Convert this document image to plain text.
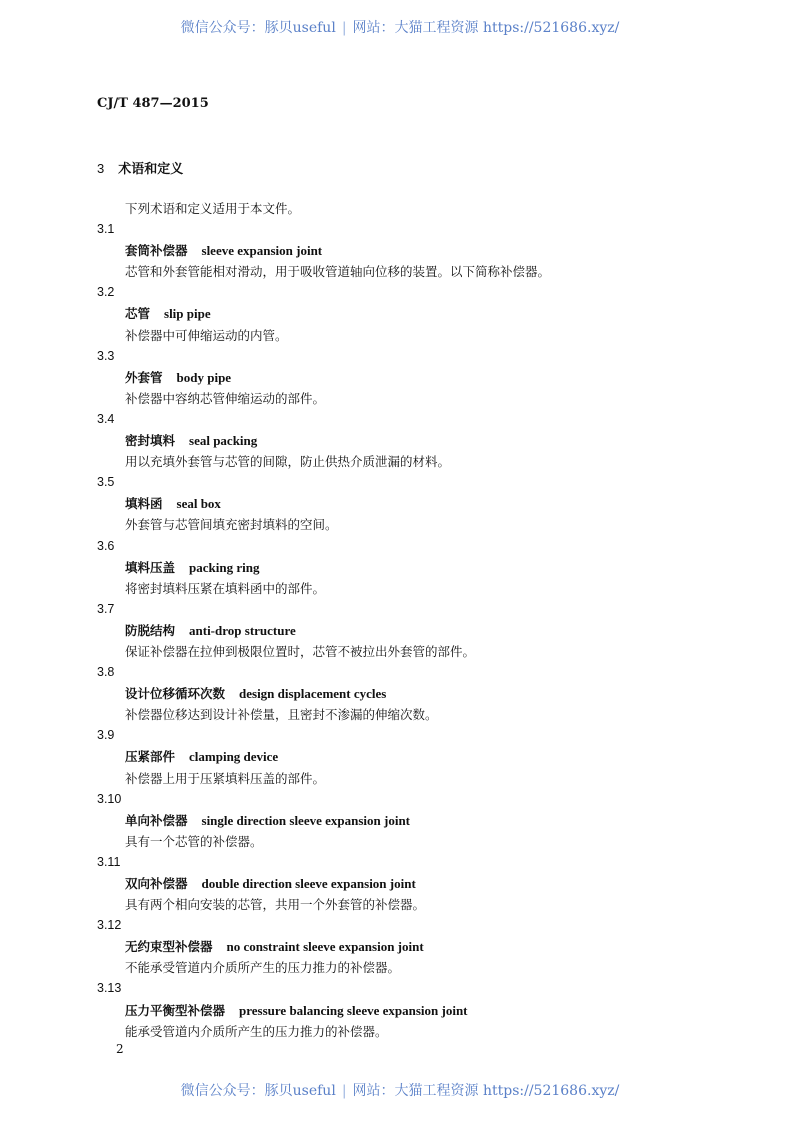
微信公众号：豚贝useful | 网站：大猫工程资源 https://521686.xyz/
CJ/T 487—2015
3 术语和定义
下列术语和定义适用于本文件。
3.1
套筒补偿器 sleeve expansion joint
芯管和外套管能相对滑动，用于吸收管道轴向位移的装置。以下简称补偿器。
3.2
芯管 slip pipe
补偿器中可伸缩运动的内管。
3.3
外套管 body pipe
补偿器中容纳芯管伸缩运动的部件。
3.4
密封填料 seal packing
用以充填外套管与芯管的间隙，防止供热介质泄漏的材料。
3.5
填料函 seal box
外套管与芯管间填充密封填料的空间。
3.6
填料压盖 packing ring
将密封填料压紧在填料函中的部件。
3.7
防脱结构 anti-drop structure
保证补偿器在拉伸到极限位置时，芯管不被拉出外套管的部件。
3.8
设计位移循环次数 design displacement cycles
补偿器位移达到设计补偿量，且密封不渗漏的伸缩次数。
3.9
压紧部件 clamping device
补偿器上用于压紧填料压盖的部件。
3.10
单向补偿器 single direction sleeve expansion joint
具有一个芯管的补偿器。
3.11
双向补偿器 double direction sleeve expansion joint
具有两个相向安装的芯管，共用一个外套管的补偿器。
3.12
无约束型补偿器 no constraint sleeve expansion joint
不能承受管道内介质所产生的压力推力的补偿器。
3.13
压力平衡型补偿器 pressure balancing sleeve expansion joint
能承受管道内介质所产生的压力推力的补偿器。
2
微信公众号：豚贝useful | 网站：大猫工程资源 https://521686.xyz/
